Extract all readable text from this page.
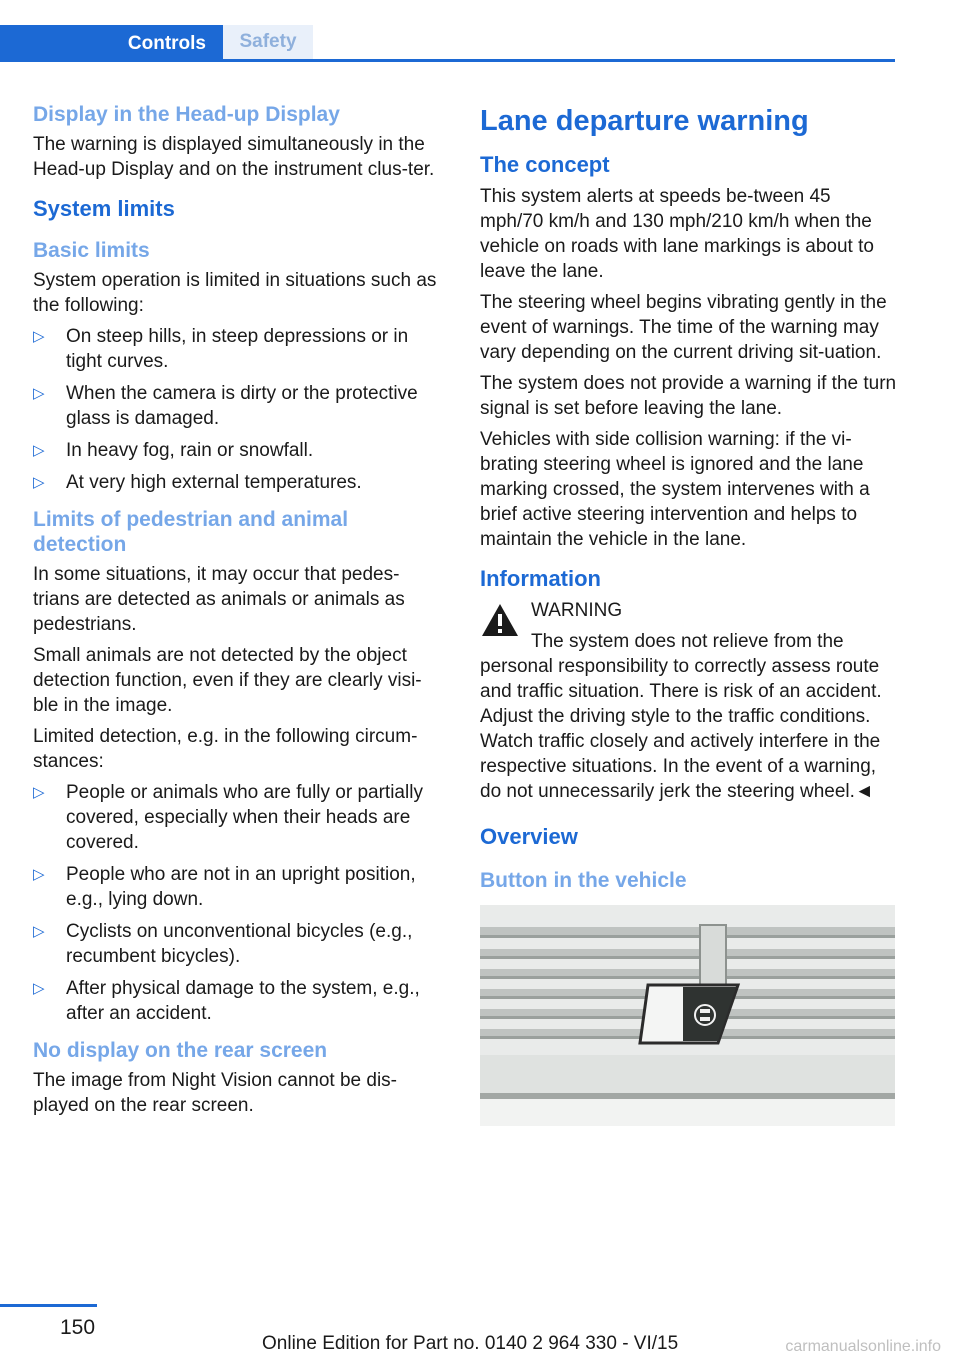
Controls	Safety
Display in the Head-up Display

The warning is displayed simultaneously in the Head-up Display and on the instrument clus-ter.

System limits
Basic limits

System operation is limited in situations such as the following:

▷ On steep hills, in steep depressions or in tight curves.
▷ When the camera is dirty or the protective glass is damaged.
▷ In heavy fog, rain or snowfall.
▷ At very high external temperatures.
Limits of pedestrian and animal detection

In some situations, it may occur that pedes-trians are detected as animals or animals as pedestrians.

Small animals are not detected by the object detection function, even if they are clearly visi-ble in the image.

Limited detection, e.g. in the following circum-stances:

▷ People or animals who are fully or partially covered, especially when their heads are covered.
▷ People who are not in an upright position, e.g., lying down.
▷ Cyclists on unconventional bicycles (e.g., recumbent bicycles).
▷ After physical damage to the system, e.g., after an accident.
No display on the rear screen

The image from Night Vision cannot be dis-played on the rear screen.

Lane departure warning
The concept

This system alerts at speeds be-tween 45 mph/70 km/h and 130 mph/210 km/h when the vehicle on roads with lane markings is about to leave the lane.

The steering wheel begins vibrating gently in the event of warnings. The time of the warning may vary depending on the current driving sit-uation.

The system does not provide a warning if the turn signal is set before leaving the lane.

Vehicles with side collision warning: if the vi-brating steering wheel is ignored and the lane marking crossed, the system intervenes with a brief active steering intervention and helps to maintain the vehicle in the lane.

Information

WARNING

The system does not relieve from the personal responsibility to correctly assess route and traffic situation. There is risk of an accident. Adjust the driving style to the traffic conditions. Watch traffic closely and actively interfere in the respective situations. In the event of a warning, do not unnecessarily jerk the steering wheel.◄

Overview
Button in the vehicle
150
Online Edition for Part no. 0140 2 964 330 - VI/15	carmanualsonline.info
